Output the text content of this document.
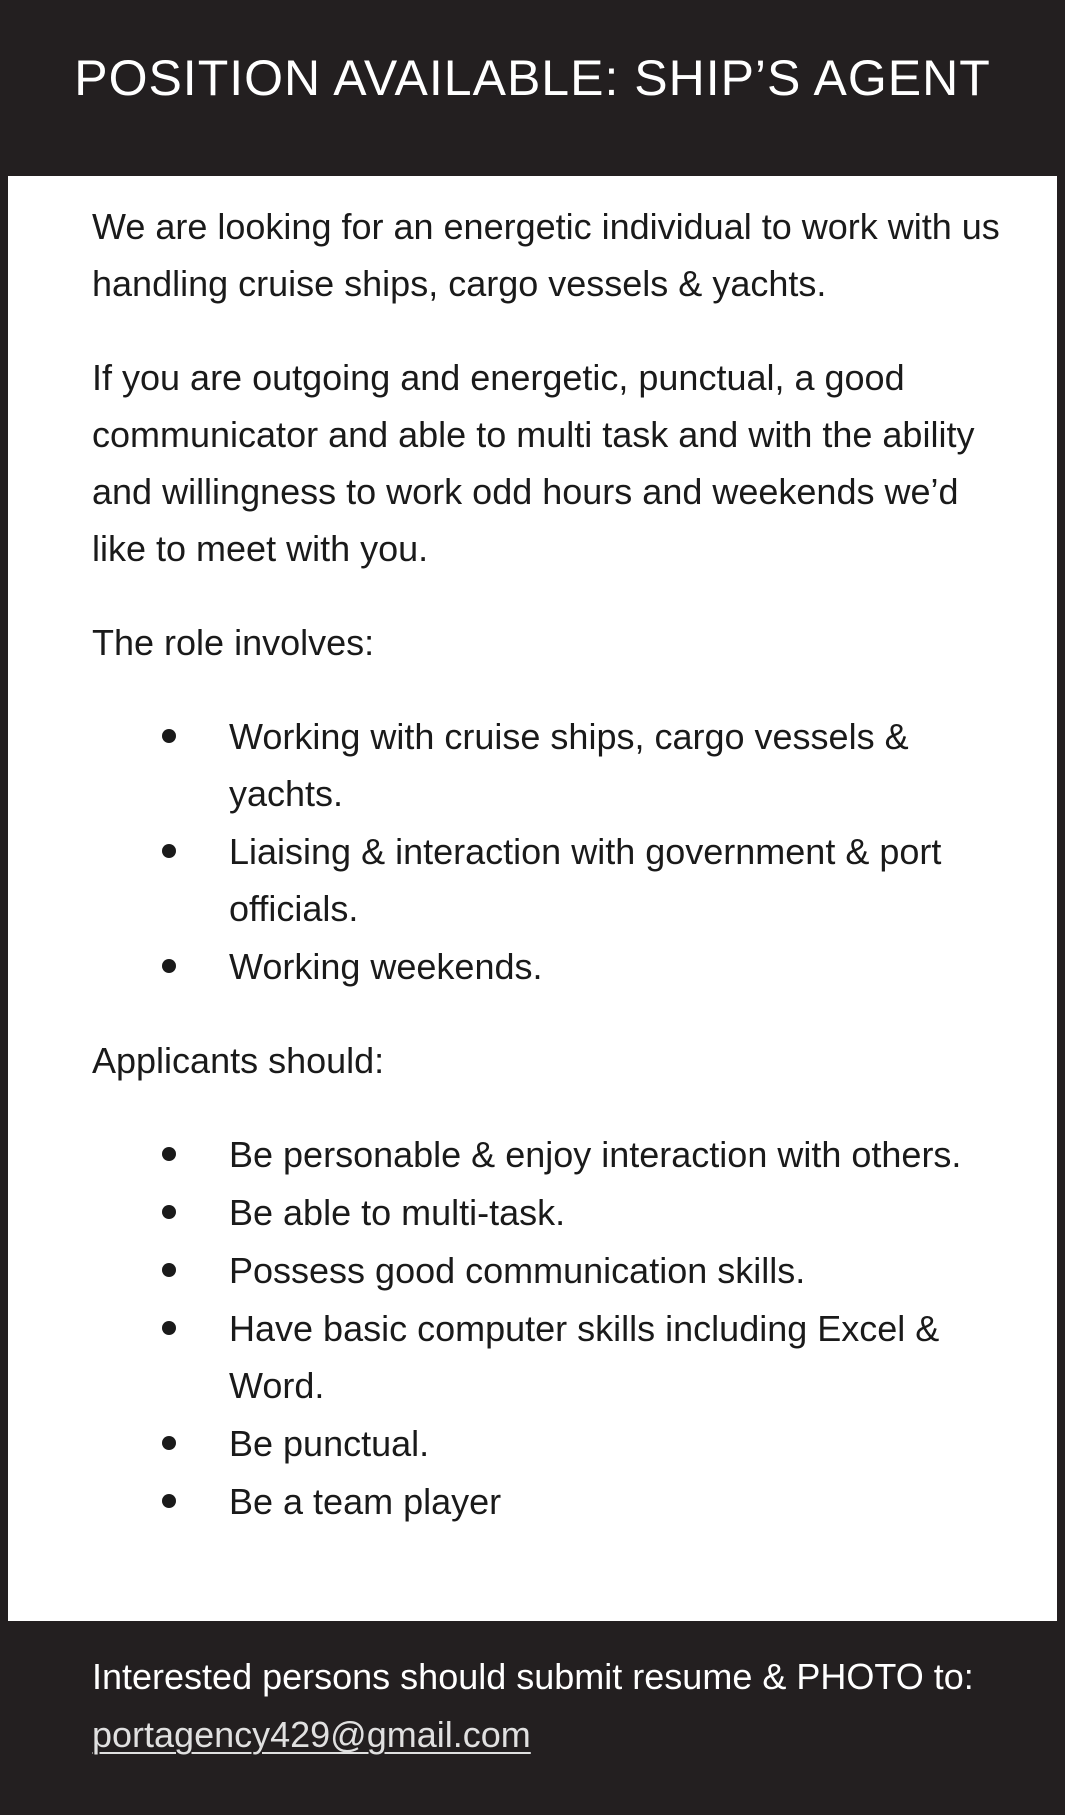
POSITION AVAILABLE: SHIP’S AGENT

We are looking for an energetic individual to work with us handling cruise ships, cargo vessels & yachts.

If you are outgoing and energetic, punctual, a good communicator and able to multi task and with the ability and willingness to work odd hours and weekends we’d like to meet with you.

The role involves:

Working with cruise ships, cargo vessels & yachts.
Liaising & interaction with government & port officials.
Working weekends.

Applicants should:

Be personable & enjoy interaction with others.
Be able to multi-task.
Possess good communication skills.
Have basic computer skills including Excel & Word.
Be punctual.
Be a team player
Interested persons should submit resume & PHOTO to: portagency429@gmail.com
